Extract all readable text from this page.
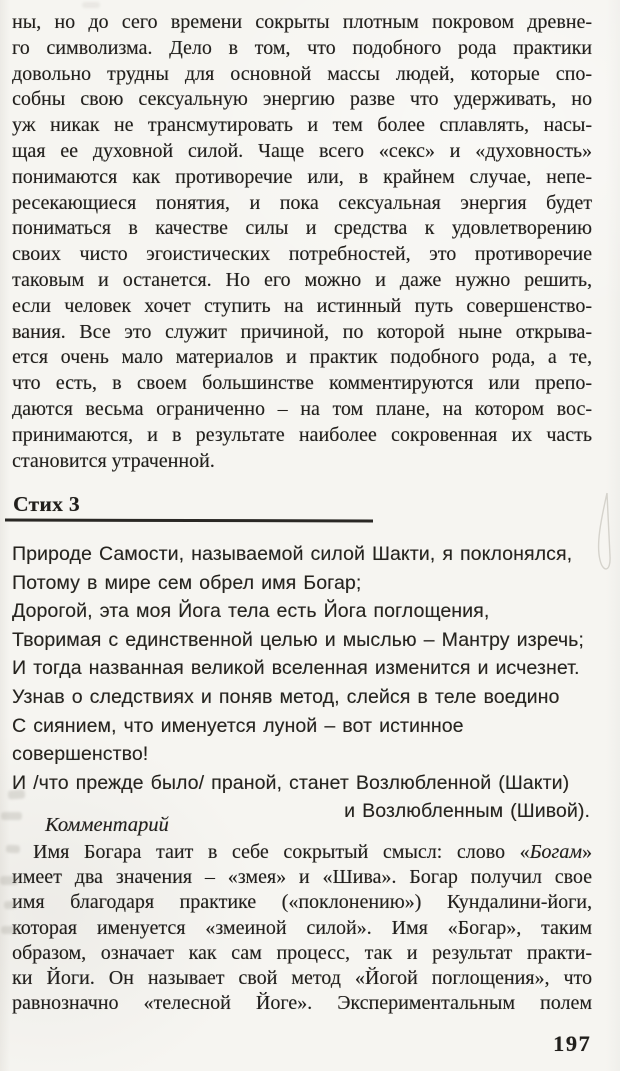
ны, но до сего времени сокрыты плотным покровом древне-
го символизма. Дело в том, что подобного рода практики
довольно трудны для основной массы людей, которые спо-
собны свою сексуальную энергию разве что удерживать, но
уж никак не трансмутировать и тем более сплавлять, насы-
щая ее духовной силой. Чаще всего «секс» и «духовность»
понимаются как противоречие или, в крайнем случае, непе-
ресекающиеся понятия, и пока сексуальная энергия будет
пониматься в качестве силы и средства к удовлетворению
своих чисто эгоистических потребностей, это противоречие
таковым и останется. Но его можно и даже нужно решить,
если человек хочет ступить на истинный путь совершенство-
вания. Все это служит причиной, по которой ныне открыва-
ется очень мало материалов и практик подобного рода, а те,
что есть, в своем большинстве комментируются или препо-
даются весьма ограниченно – на том плане, на котором вос-
принимаются, и в результате наиболее сокровенная их часть
становится утраченной.
Стих 3
Природе Самости, называемой силой Шакти, я поклонялся,
Потому в мире сем обрел имя Богар;
Дорогой, эта моя Йога тела есть Йога поглощения,
Творимая с единственной целью и мыслью – Мантру изречь;
И тогда названная великой вселенная изменится и исчезнет.
Узнав о следствиях и поняв метод, слейся в теле воедино
С сиянием, что именуется луной – вот истинное совершенство!
И /что прежде было/ праной, станет Возлюбленной (Шакти)
и Возлюбленным (Шивой).
Комментарий
Имя Богара таит в себе сокрытый смысл: слово «Богам»
имеет два значения – «змея» и «Шива». Богар получил свое
имя благодаря практике («поклонению») Кундалини-йоги,
которая именуется «змеиной силой». Имя «Богар», таким
образом, означает как сам процесс, так и результат практи-
ки Йоги. Он называет свой метод «Йогой поглощения», что
равнозначно «телесной Йоге». Экспериментальным полем
197
